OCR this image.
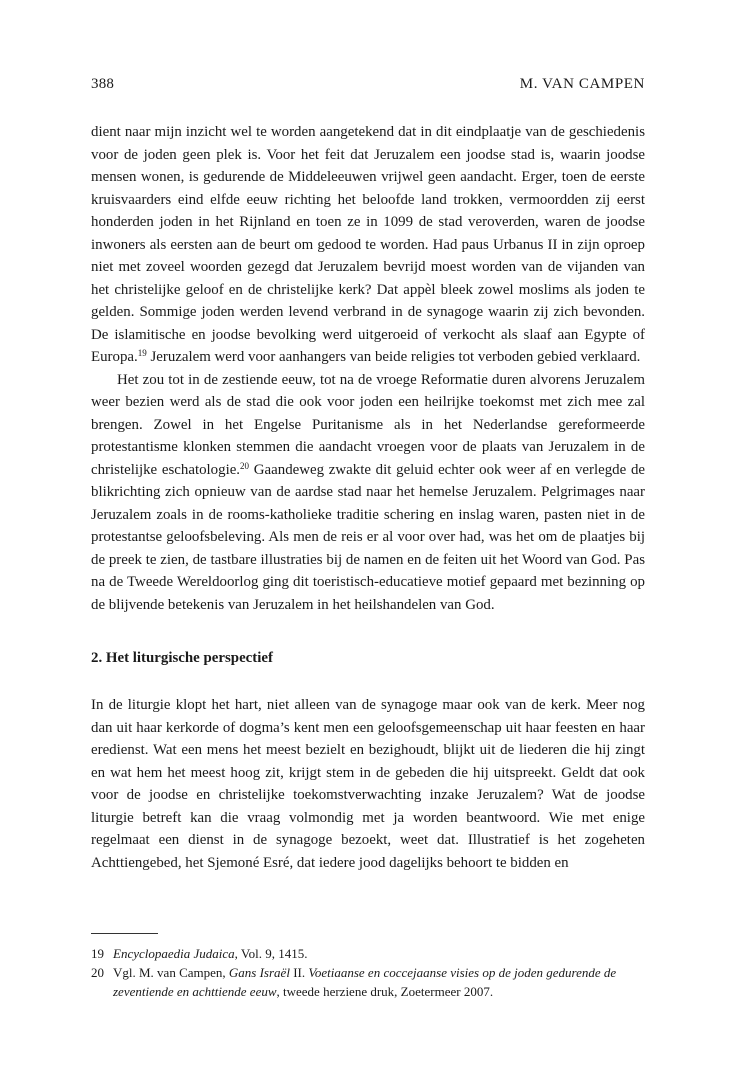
388	M. VAN CAMPEN

dient naar mijn inzicht wel te worden aangetekend dat in dit eindplaatje van de geschiedenis voor de joden geen plek is. Voor het feit dat Jeruzalem een joodse stad is, waarin joodse mensen wonen, is gedurende de Middeleeuwen vrijwel geen aandacht. Erger, toen de eerste kruisvaarders eind elfde eeuw richting het beloofde land trokken, vermoordden zij eerst honderden joden in het Rijnland en toen ze in 1099 de stad veroverden, waren de joodse inwoners als eersten aan de beurt om gedood te worden. Had paus Urbanus II in zijn oproep niet met zoveel woorden gezegd dat Jeruzalem bevrijd moest worden van de vijanden van het christelijke geloof en de christelijke kerk? Dat appèl bleek zowel moslims als joden te gelden. Sommige joden werden levend verbrand in de synagoge waarin zij zich bevonden. De islamitische en joodse bevolking werd uitgeroeid of verkocht als slaaf aan Egypte of Europa.$^{19}$ Jeruzalem werd voor aanhangers van beide religies tot verboden gebied verklaard.

Het zou tot in de zestiende eeuw, tot na de vroege Reformatie duren alvorens Jeruzalem weer bezien werd als de stad die ook voor joden een heilrijke toekomst met zich mee zal brengen. Zowel in het Engelse Puritanisme als in het Nederlandse gereformeerde protestantisme klonken stemmen die aandacht vroegen voor de plaats van Jeruzalem in de christelijke eschatologie.$^{20}$ Gaandeweg zwakte dit geluid echter ook weer af en verlegde de blikrichting zich opnieuw van de aardse stad naar het hemelse Jeruzalem. Pelgrimages naar Jeruzalem zoals in de rooms-katholieke traditie schering en inslag waren, pasten niet in de protestantse geloofsbeleving. Als men de reis er al voor over had, was het om de plaatjes bij de preek te zien, de tastbare illustraties bij de namen en de feiten uit het Woord van God. Pas na de Tweede Wereldoorlog ging dit toeristisch-educatieve motief gepaard met bezinning op de blijvende betekenis van Jeruzalem in het heilshandelen van God.

2. Het liturgische perspectief

In de liturgie klopt het hart, niet alleen van de synagoge maar ook van de kerk. Meer nog dan uit haar kerkorde of dogma’s kent men een geloofsgemeenschap uit haar feesten en haar eredienst. Wat een mens het meest bezielt en bezighoudt, blijkt uit de liederen die hij zingt en wat hem het meest hoog zit, krijgt stem in de gebeden die hij uitspreekt. Geldt dat ook voor de joodse en christelijke toekomstverwachting inzake Jeruzalem? Wat de joodse liturgie betreft kan die vraag volmondig met ja worden beantwoord. Wie met enige regelmaat een dienst in de synagoge bezoekt, weet dat. Illustratief is het zogeheten Achttiengebed, het Sjemoné Esré, dat iedere jood dagelijks behoort te bidden en

19 Encyclopaedia Judaica, Vol. 9, 1415.
20 Vgl. M. van Campen, Gans Israël II. Voetiaanse en coccejaanse visies op de joden gedurende de zeventiende en achttiende eeuw, tweede herziene druk, Zoetermeer 2007.
